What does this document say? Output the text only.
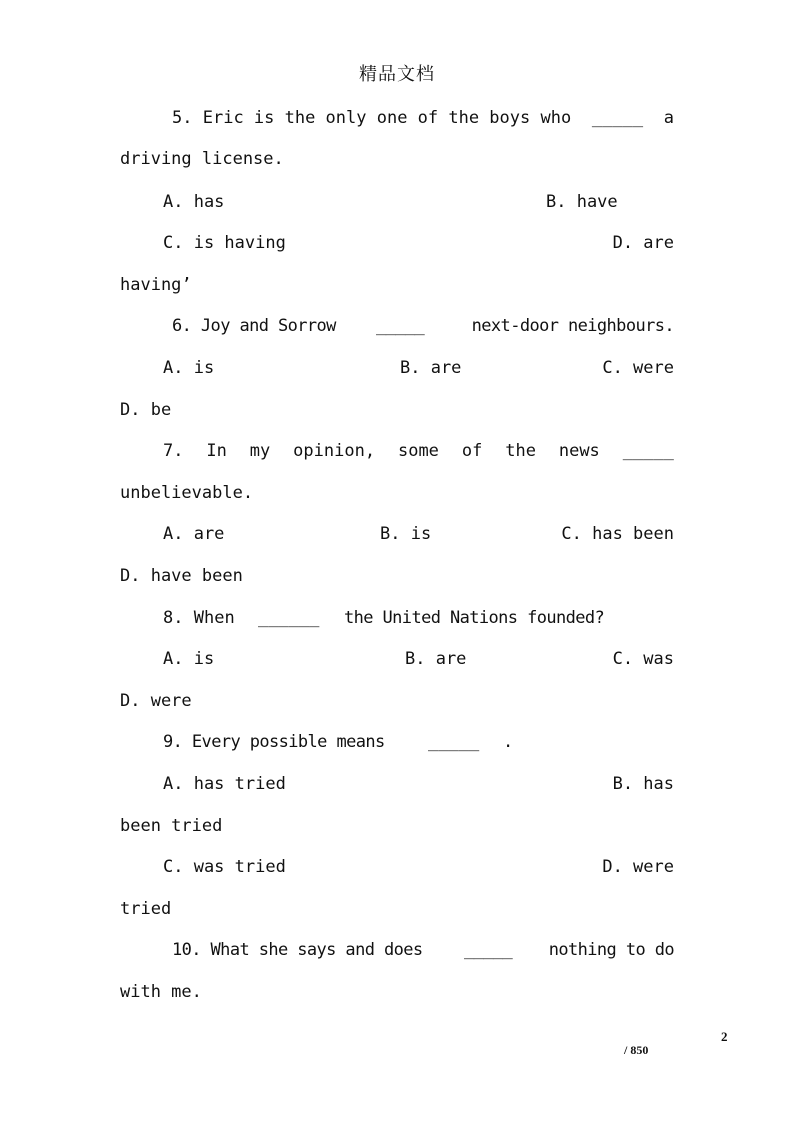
精品文档
5. Eric is the only one of the boys who _____ a
driving license.
A. has	B. have
C. is having	D. are
having’
6. Joy and Sorrow _____	next-door neighbours.
A. is	B. are	C. were
D. be
7. In my opinion, some of the news _____
unbelievable.
A. are	B. is	C. has been
D. have been
8. When ______ the United Nations founded?
A. is	B. are	C. was
D. were
9. Every possible means	_____ .
A. has tried	B. has
been tried
C. was tried	D. were
tried
10. What she says and does _____ nothing to do
with me.
2
/ 850
